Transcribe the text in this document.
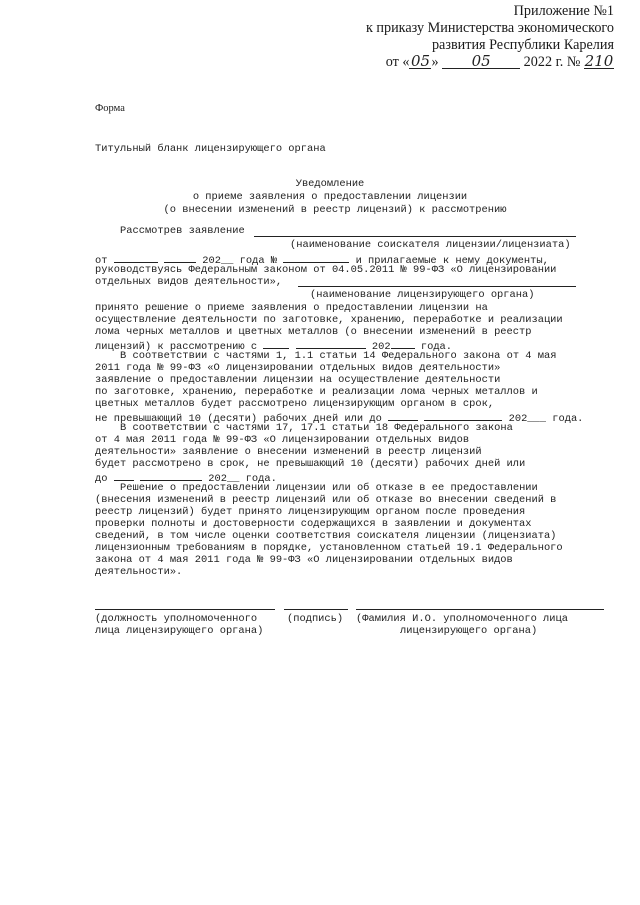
Приложение №1
к приказу Министерства экономического
развития Республики Карелия
от «05» 05 2022 г. № 210
Форма
Титульный бланк лицензирующего органа
Уведомление
о приеме заявления о предоставлении лицензии
(о внесении изменений в реестр лицензий) к рассмотрению
Рассмотрев заявление
(наименование соискателя лицензии/лицензиата)
от	202__ года №	и прилагаемые к нему документы,
руководствуясь Федеральным законом от 04.05.2011 № 99-ФЗ «О лицензировании
отдельных видов деятельности»,
(наименование лицензирующего органа)
принято решение о приеме заявления о предоставлении лицензии на
осуществление деятельности по заготовке, хранению, переработке и реализации
лома черных металлов и цветных металлов (о внесении изменений в реестр
лицензий) к рассмотрению с	202	года.
В соответствии с частями 1, 1.1 статьи 14 Федерального закона от 4 мая
2011 года № 99-ФЗ «О лицензировании отдельных видов деятельности»
заявление о предоставлении лицензии на осуществление деятельности
по заготовке, хранению, переработке и реализации лома черных металлов и
цветных металлов будет рассмотрено лицензирующим органом в срок,
не превышающий 10 (десяти) рабочих дней или до	202___ года.
В соответствии с частями 17, 17.1 статьи 18 Федерального закона
от 4 мая 2011 года № 99-ФЗ «О лицензировании отдельных видов
деятельности» заявление о внесении изменений в реестр лицензий
будет рассмотрено в срок, не превышающий 10 (десяти) рабочих дней или
до	202__ года.
Решение о предоставлении лицензии или об отказе в ее предоставлении
(внесения изменений в реестр лицензий или об отказе во внесении сведений в
реестр лицензий) будет принято лицензирующим органом после проведения
проверки полноты и достоверности содержащихся в заявлении и документах
сведений, в том числе оценки соответствия соискателя лицензии (лицензиата)
лицензионным требованиям в порядке, установленном статьей 19.1 Федерального
закона от 4 мая 2011 года № 99-ФЗ «О лицензировании отдельных видов
деятельности».
(должность уполномоченного
лица лицензирующего органа)
(подпись) (Фамилия И.О. уполномоченного лица
лицензирующего органа)
